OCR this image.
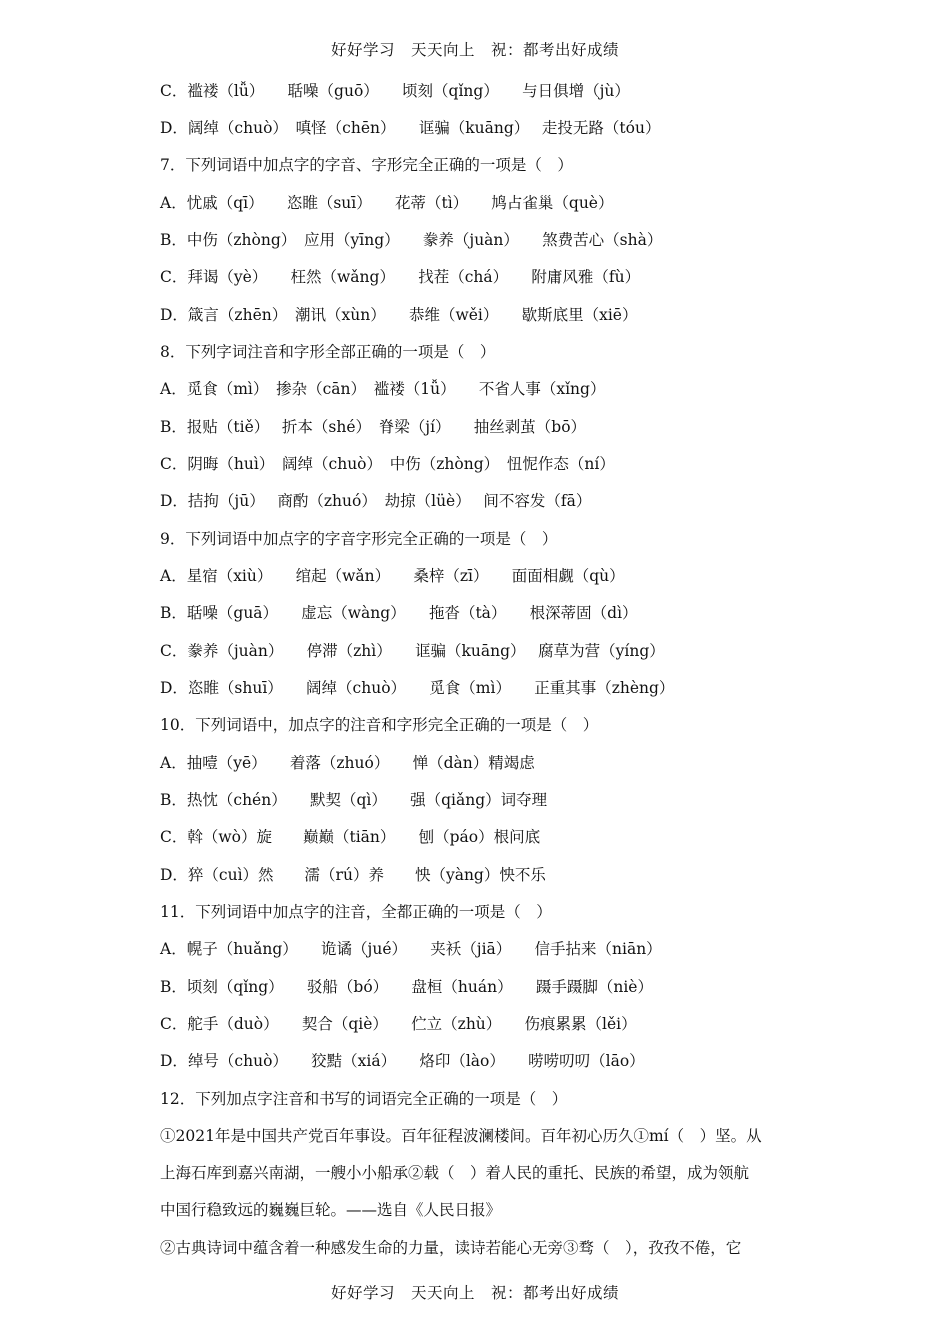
好好学习　天天向上　祝：都考出好成绩
C．褴褛（lǚ）　　聒噪（guō）　　顷刻（qǐng）　　与日俱增（jù）
D．阔绰（chuò）　嗔怪（chēn）　　诓骗（kuāng）　 走投无路（tóu）
7．下列词语中加点字的字音、字形完全正确的一项是（　）
A．忧戚（qī）　　恣睢（suī）　　花蒂（tì）　　鸠占雀巢（què）
B．中伤（zhòng）　应用（yīng）　　豢养（juàn）　　煞费苦心（shà）
C．拜谒（yè）　　枉然（wǎng）　　找茬（chá）　　附庸风雅（fù）
D．箴言（zhēn）　潮讯（xùn）　　恭维（wěi）　　歇斯底里（xiē）
8．下列字词注音和字形全部正确的一项是（　）
A．觅食（mì）　掺杂（cān）　褴褛（1ǚ）　　不省人事（xǐng）
B．报贴（tiě）　 折本（shé）　脊梁（jí）　　抽丝剥茧（bō）
C．阴晦（huì）　阔绰（chuò）　中伤（zhòng）　忸怩作态（ní）
D．拮拘（jū）　 商酌（zhuó）　劫掠（lüè）　 间不容发（fā）
9．下列词语中加点字的字音字形完全正确的一项是（　）
A．星宿（xiù）　　绾起（wǎn）　　桑梓（zī）　　面面相觑（qù）
B．聒噪（guā）　　虚忘（wàng）　　拖沓（tà）　　根深蒂固（dì）
C．豢养（juàn）　　停滞（zhì）　　诓骗（kuāng）　 腐草为营（yíng）
D．恣睢（shuī）　　阔绰（chuò）　　觅食（mì）　　正重其事（zhèng）
10．下列词语中，加点字的注音和字形完全正确的一项是（　）
A．抽噎（yē）　　着落（zhuó）　　惮（dàn）精竭虑
B．热忱（chén）　　默契（qì）　　强（qiǎng）词夺理
C．斡（wò）旋　　巅巅（tiān）　　刨（páo）根问底
D．猝（cuì）然　　濡（rú）养　　怏（yàng）怏不乐
11．下列词语中加点字的注音，全都正确的一项是（　）
A．幌子（huǎng）　　诡谲（jué）　　夹袄（jiā）　　信手拈来（niān）
B．顷刻（qǐng）　　驳船（bó）　　盘桓（huán）　　蹑手蹑脚（niè）
C．舵手（duò）　　契合（qiè）　　伫立（zhù）　　伤痕累累（lěi）
D．绰号（chuò）　　狡黠（xiá）　　烙印（lào）　　唠唠叨叨（lāo）
12．下列加点字注音和书写的词语完全正确的一项是（　）
①2021年是中国共产党百年事设。百年征程波澜楼间。百年初心历久①mí（　）坚。从
上海石库到嘉兴南湖，一艘小小船承②载（　）着人民的重托、民族的希望，成为领航
中国行稳致远的巍巍巨轮。——选自《人民日报》
②古典诗词中蕴含着一种感发生命的力量，读诗若能心无旁③骛（　），孜孜不倦，它
好好学习　天天向上　祝：都考出好成绩
